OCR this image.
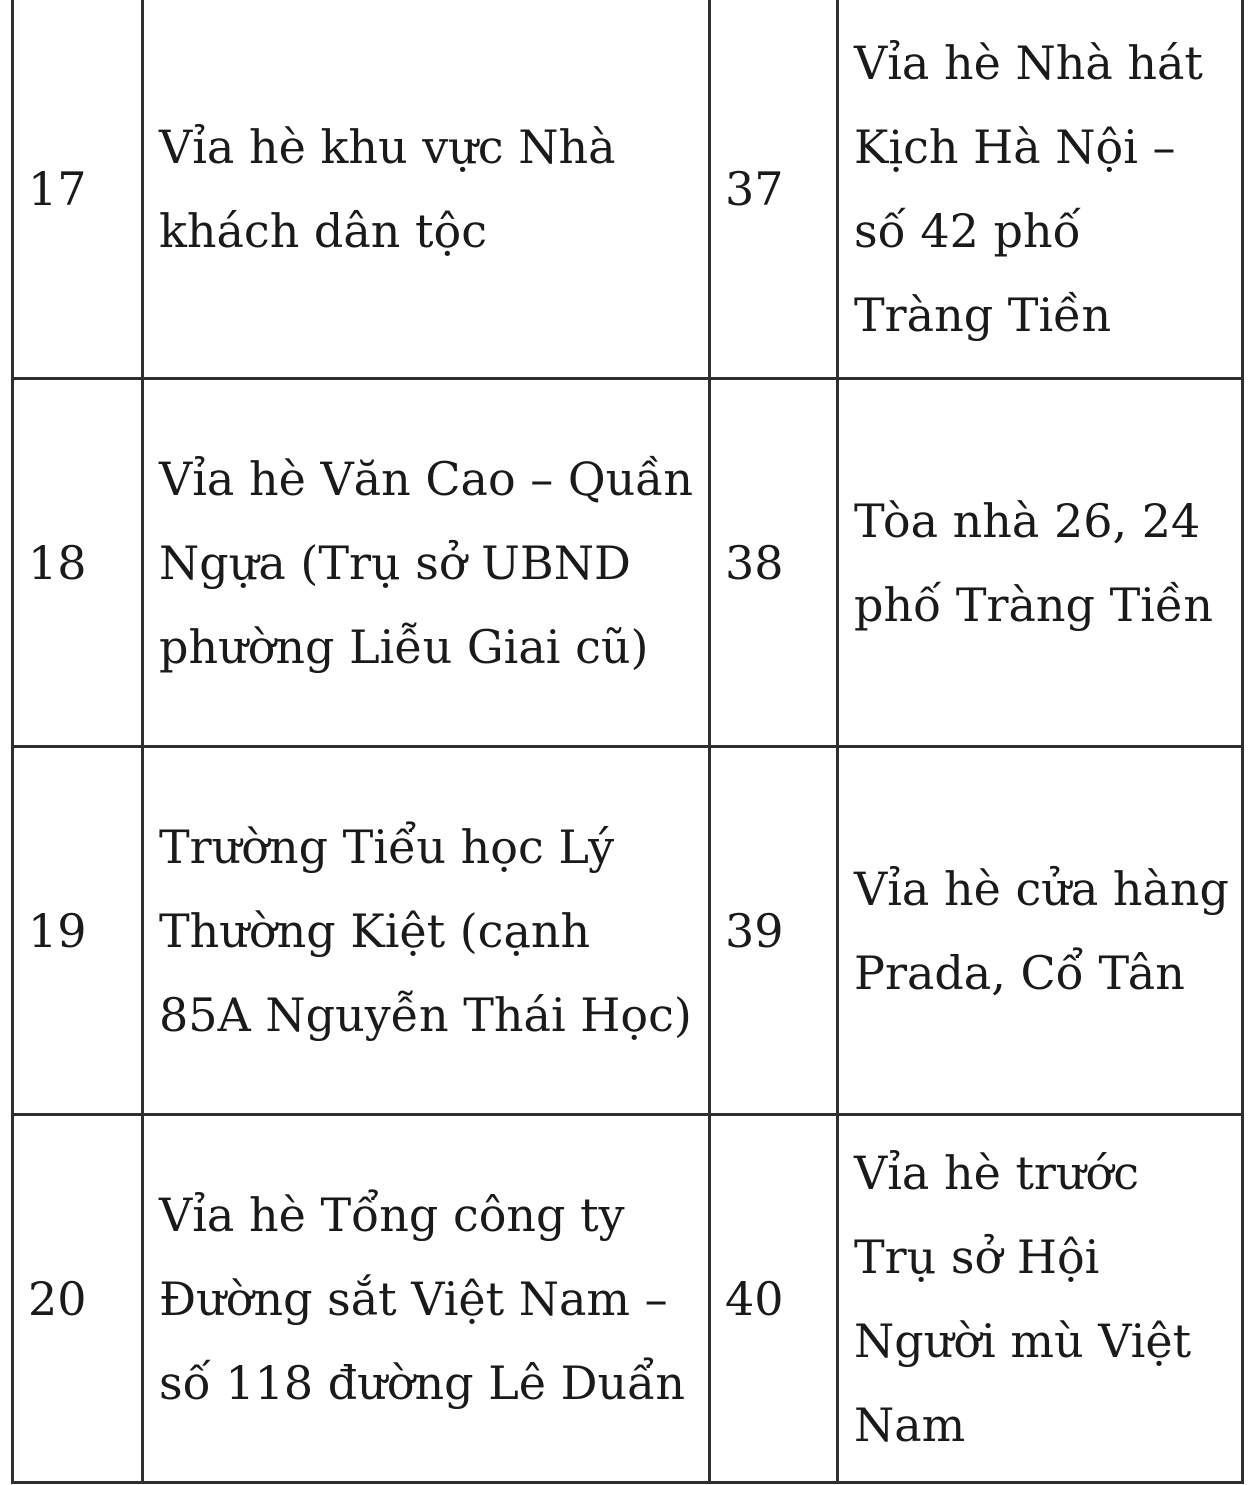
17	Vỉa hè khu vực Nhà khách dân tộc	37	Vỉa hè Nhà hát Kịch Hà Nội – số 42 phố Tràng Tiền
18	Vỉa hè Văn Cao – Quần Ngựa (Trụ sở UBND phường Liễu Giai cũ)	38	Tòa nhà 26, 24 phố Tràng Tiền
19	Trường Tiểu học Lý Thường Kiệt (cạnh 85A Nguyễn Thái Học)	39	Vỉa hè cửa hàng Prada, Cổ Tân
20	Vỉa hè Tổng công ty Đường sắt Việt Nam – số 118 đường Lê Duẩn	40	Vỉa hè trước Trụ sở Hội Người mù Việt Nam
